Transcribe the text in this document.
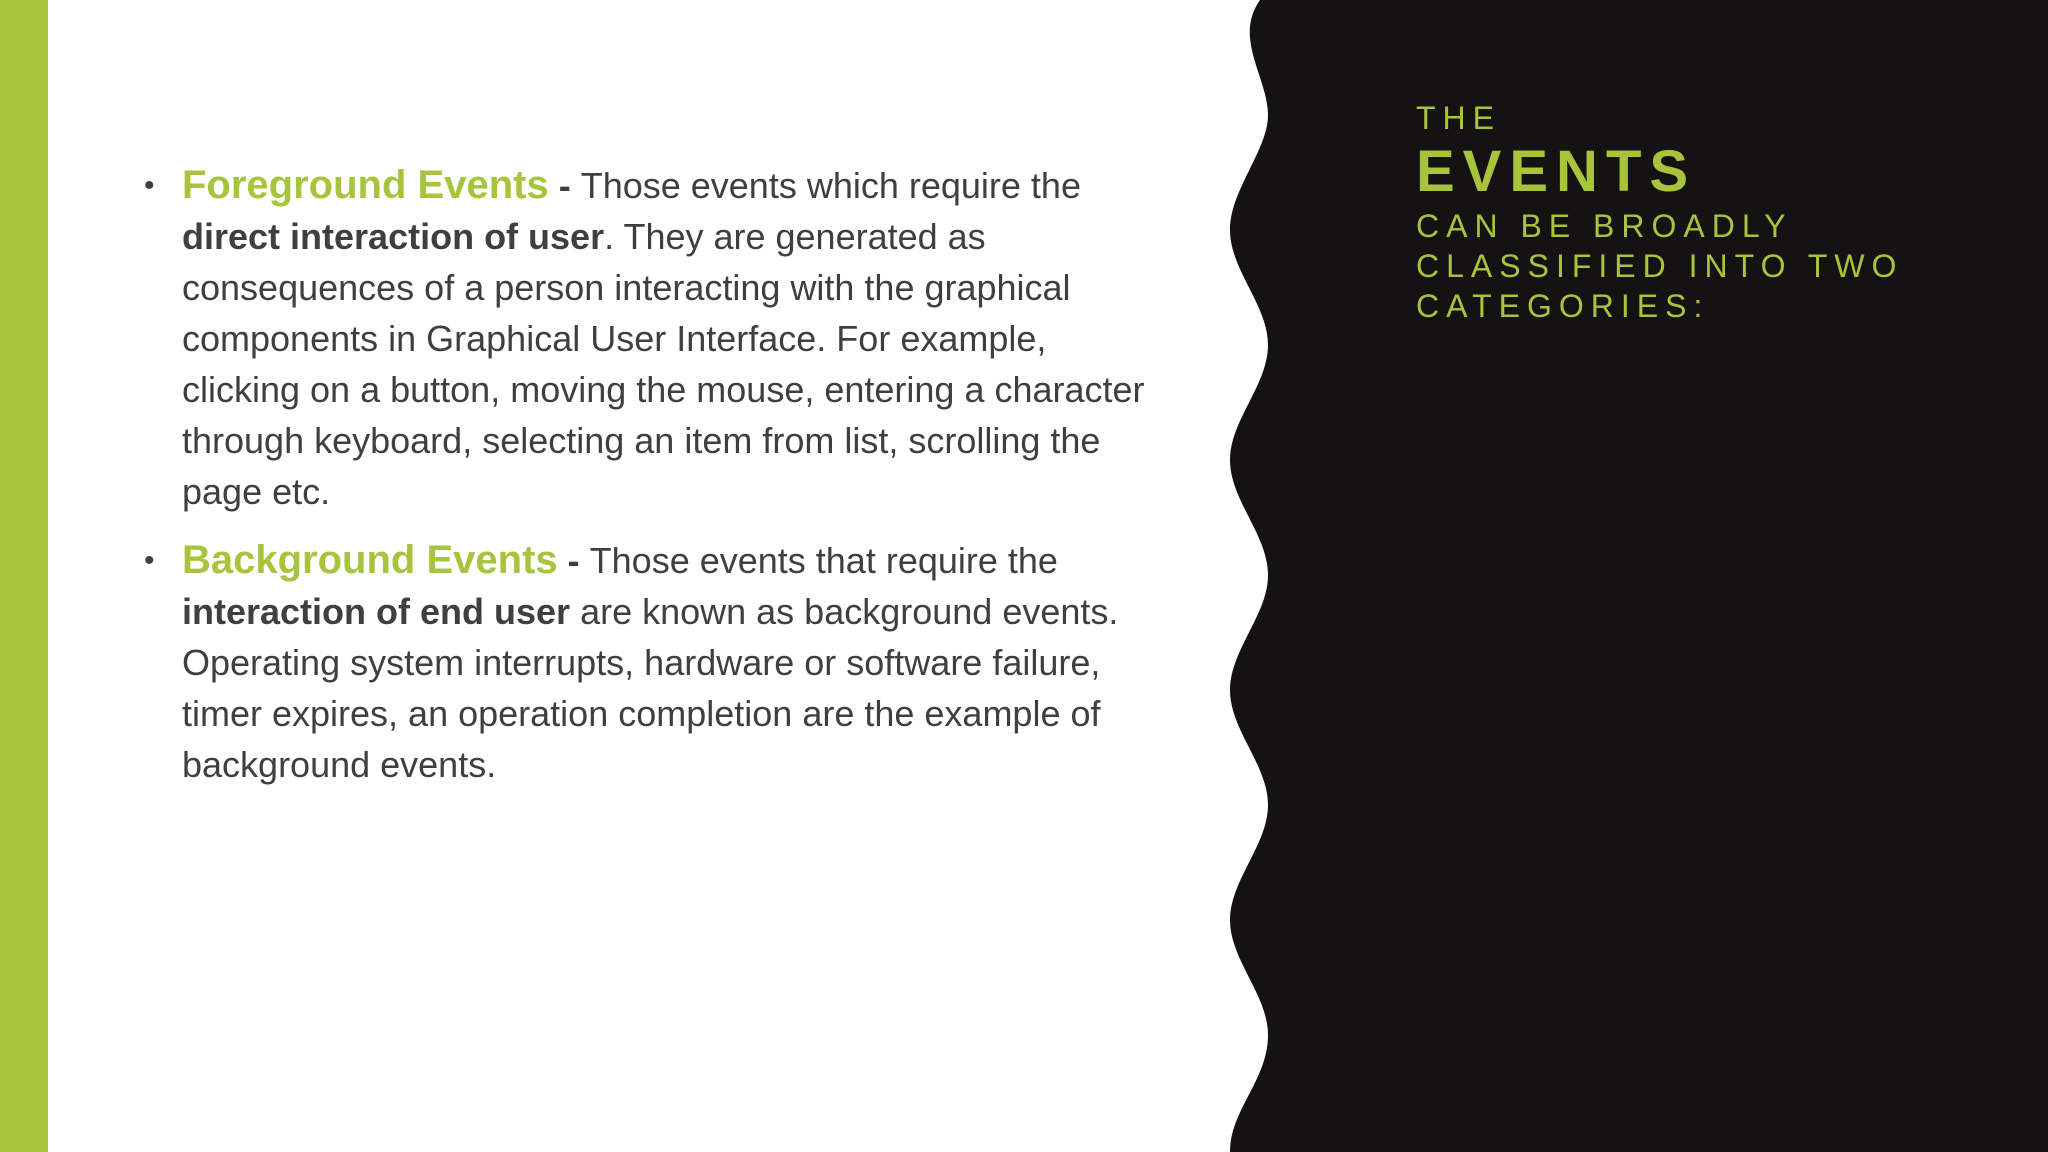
• Foreground Events - Those events which require the direct interaction of user. They are generated as consequences of a person interacting with the graphical components in Graphical User Interface. For example, clicking on a button, moving the mouse, entering a character through keyboard, selecting an item from list, scrolling the page etc.
• Background Events - Those events that require the interaction of end user are known as background events. Operating system interrupts, hardware or software failure, timer expires, an operation completion are the example of background events.
THE
EVENTS
CAN BE BROADLY
CLASSIFIED INTO TWO
CATEGORIES:
